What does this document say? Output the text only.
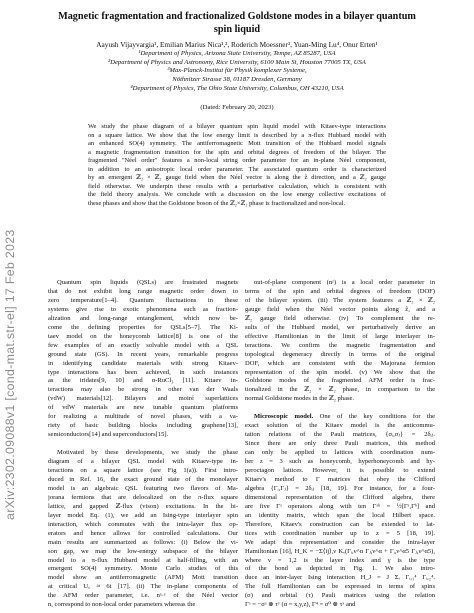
arXiv:2302.09088v1 [cond-mat.str-el] 17 Feb 2023
Magnetic fragmentation and fractionalized Goldstone modes in a bilayer quantum
spin liquid
Aayush Vijayvargia¹, Emilian Marius Nica¹,², Roderich Moessner³, Yuan-Ming Lu⁴, Onur Erten¹
¹Department of Physics, Arizona State University, Tempe, AZ 85287, USA
²Department of Physics and Astronomy, Rice University, 6100 Main St, Houston 77005 TX, USA
³Max-Planck-Institut für Physik komplexer Systeme,
Nöthnitzer Strasse 38, 01187 Dresden, Germany
⁴Department of Physics, The Ohio State University, Columbus, OH 43210, USA
(Dated: February 20, 2023)
We study the phase diagram of a bilayer quantum spin liquid model with Kitaev-type interactions
on a square lattice. We show that the low energy limit is described by a π-flux Hubbard model with
an enhanced SO(4) symmetry. The antiferromagnetic Mott transition of the Hubbard model signals
a magnetic fragmentation transition for the spin and orbital degrees of freedom of the bilayer. The
fragmented "Néel order" features a non-local string order parameter for an in-plane Néel component,
in addition to an anisotropic local order parameter. The associated quantum order is characterized
by an emergent ℤ₂ × ℤ₂ gauge field when the Néel vector is along the ẑ direction, and a ℤ₂ gauge
field otherwise. We underpin these results with a perturbative calculation, which is consistent with
the field theory analysis. We conclude with a discussion on the low energy collective excitations of
these phases and show that the Goldstone boson of the ℤ₂×ℤ₂ phase is fractionalized and non-local.
Quantum spin liquids (QSLs) are frustrated magnets
that do not exhibit long range magnetic order down to
zero temperature[1–4]. Quantum fluctuations in these
systems give rise to exotic phenomena such as fraction-
alization and long-range entanglement, which now be-
come the defining properties for QSLs[5–7]. The Ki-
taev model on the honeycomb lattice[8] is one of the
few examples of an exactly solvable model with a QSL
ground state (GS). In recent years, remarkable progress
in identifying candidate materials with strong Kitaev-
type interactions has been achieved, in such instances
as the iridates[9, 10] and α-RuCl₃ [11]. Kitaev in-
teractions may also be strong in other van der Waals
(vdW) materials[12]. Bilayers and moiré superlattices
of vdW materials are new tunable quantum platforms
for realizing a multitude of novel phases, with a va-
riety of basic building blocks including graphene[13],
semiconductors[14] and superconductors[15].
Motivated by these developments, we study the phase
diagram of a bilayer QSL model with Kitaev-type in-
teractions on a square lattice (see Fig 1(a)). First intro-
duced in Ref. 16, the exact ground state of the monolayer
model is an algebraic QSL featuring two flavors of Ma-
jorana fermions that are delocalized on the π-flux square
lattice, and gapped ℤ-flux (vison) excitations. In the bi-
layer model Eq. (1), we add an Ising-type interlayer spin
interaction, which commutes with the intra-layer flux op-
erators and hence allows for controlled calculations. Our
main results are summarized as follows: (i) Below the vi-
son gap, we map the low-energy subspace of the bilayer
model to a π-flux Hubbard model at half-filling, with an
emergent SO(4) symmetry. Monte Carlo studies of this
model show an antiferromagnetic (AFM) Mott transition
at critical U꜀ ≈ 6t [17]. (ii) The in-plane components of
the AFM order parameter, i.e. nˣ·ʸ of the Néel vector
n, correspond to non-local order parameters whereas the
out-of-plane component (nᶻ) is a local order parameter in
terms of the spin and orbital degrees of freedom (DOF)
of the bilayer system. (iii) The system features a ℤ₂ × ℤ₂
gauge field when the Néel vector points along ẑ, and a
ℤ₂ gauge field otherwise. (iv) To complement the re-
sults of the Hubbard model, we perturbatively derive an
effective Hamiltonian in the limit of large interlayer in-
teractions. We confirm the magnetic fragmentation and
topological degeneracy directly in terms of the original
DOF, which are consistent with the Majorana fermion
representation of the spin model. (v) We show that the
Goldstone modes of the fragmented AFM order is frac-
tionalized in the ℤ₂ × ℤ₂ phase, in comparison to the
normal Goldstone modes in the ℤ₂ phase.
Microscopic model. One of the key conditions for the
exact solution of the Kitaev model is the anticommu-
tation relations of the Pauli matrices, {σᵢ,σⱼ} = 2δᵢⱼ.
Since there are only three Pauli matrices, this method
can only be applied to lattices with coordination num-
ber z = 3 such as honeycomb, hyperhoneycomb and hy-
peroctagon lattices. However, it is possible to extend
Kitaev's method to Γ matrices that obey the Clifford
algebra {Γᵢ,Γⱼ} = 2δᵢⱼ [18, 19]. For instance, for a four-
dimensional representation of the Clifford algebra, there
are five Γᵃ operators along with ten Γᵃᵇ = ½[Γᵃ,Γᵇ] and
an identity matrix, which span the local Hilbert space.
Therefore, Kitaev's construction can be extended to lat-
tices with coordination number up to z = 5 [18, 19].
We adapt this representation and consider the intra-layer
Hamiltonian [16], H_K = −Σ⟨ij⟩,ν Kᵥ(Γᵢ,ν^α Γⱼ,ν^α + Γᵢ,ν^α5 Γⱼ,ν^α5),
where ν = 1,2 is the layer index and γ is the type
of the bond as depicted in Fig. 1. We also intro-
duce an inter-layer Ising interaction H_J = J Σᵢ Γᵢ,₁⁴ Γᵢ,₂⁴.
The full Hamiltonian can be expressed in terms of spins
(σ) and orbital (τ) Pauli matrices using the relation
Γᵃ = −σᵃ ⊗ τʸ (α = x,y,z), Γ⁴ = σ⁰ ⊗ τˣ and
